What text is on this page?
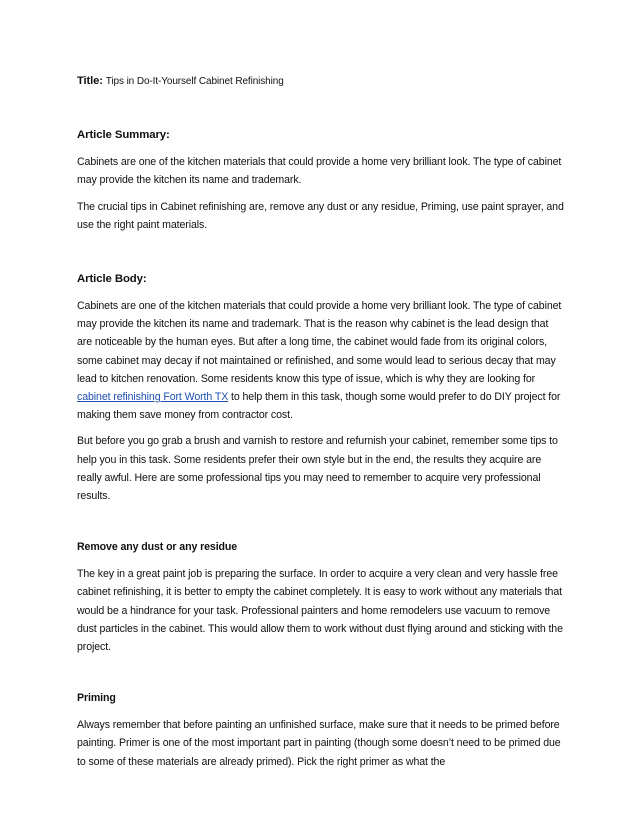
Title: Tips in Do-It-Yourself Cabinet Refinishing

Article Summary:

Cabinets are one of the kitchen materials that could provide a home very brilliant look. The type of cabinet may provide the kitchen its name and trademark.

The crucial tips in Cabinet refinishing are, remove any dust or any residue, Priming, use paint sprayer, and use the right paint materials.

Article Body:

Cabinets are one of the kitchen materials that could provide a home very brilliant look. The type of cabinet may provide the kitchen its name and trademark. That is the reason why cabinet is the lead design that are noticeable by the human eyes. But after a long time, the cabinet would fade from its original colors, some cabinet may decay if not maintained or refinished, and some would lead to serious decay that may lead to kitchen renovation. Some residents know this type of issue, which is why they are looking for cabinet refinishing Fort Worth TX to help them in this task, though some would prefer to do DIY project for making them save money from contractor cost.

But before you go grab a brush and varnish to restore and refurnish your cabinet, remember some tips to help you in this task. Some residents prefer their own style but in the end, the results they acquire are really awful. Here are some professional tips you may need to remember to acquire very professional results.

Remove any dust or any residue

The key in a great paint job is preparing the surface. In order to acquire a very clean and very hassle free cabinet refinishing, it is better to empty the cabinet completely. It is easy to work without any materials that would be a hindrance for your task. Professional painters and home remodelers use vacuum to remove dust particles in the cabinet. This would allow them to work without dust flying around and sticking with the project.

Priming

Always remember that before painting an unfinished surface, make sure that it needs to be primed before painting. Primer is one of the most important part in painting (though some doesn’t need to be primed due to some of these materials are already primed). Pick the right primer as what the
